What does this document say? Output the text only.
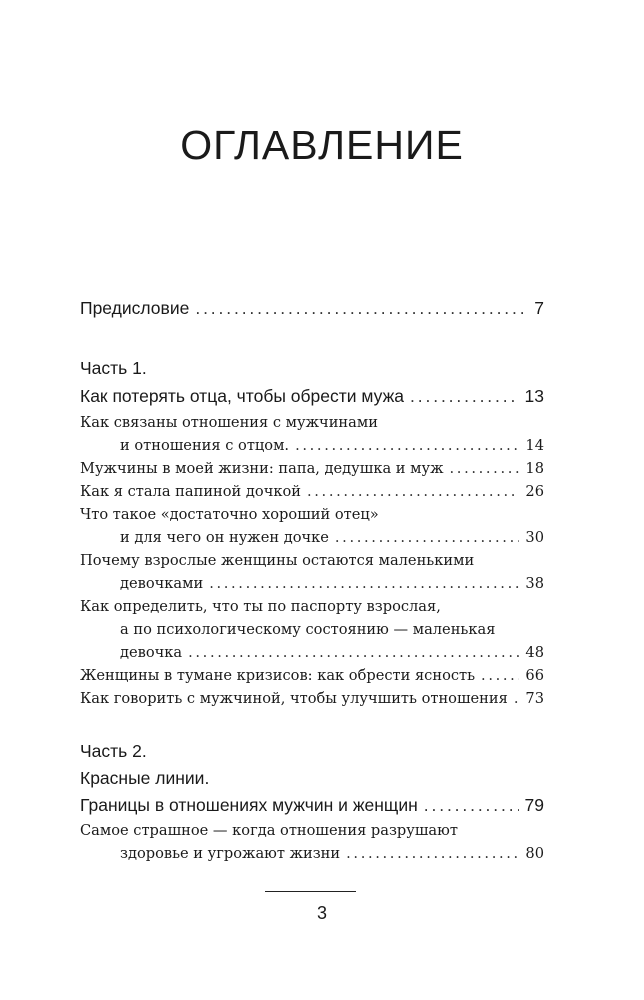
ОГЛАВЛЕНИЕ
Предисловие . . .	7
Часть 1.
Как потерять отца, чтобы обрести мужа . . .	13
Как связаны отношения с мужчинами
и отношения с отцом. . . .	14
Мужчины в моей жизни: папа, дедушка и муж . . .	18
Как я стала папиной дочкой . . .	26
Что такое «достаточно хороший отец»
и для чего он нужен дочке . . .	30
Почему взрослые женщины остаются маленькими
девочками . . .	38
Как определить, что ты по паспорту взрослая,
а по психологическому состоянию — маленькая
девочка . . .	48
Женщины в тумане кризисов: как обрести ясность . . .	66
Как говорить с мужчиной, чтобы улучшить отношения . . . 73
Часть 2.
Красные линии.
Границы в отношениях мужчин и женщин . . .	79
Самое страшное — когда отношения разрушают
здоровье и угрожают жизни . . .	80
3
